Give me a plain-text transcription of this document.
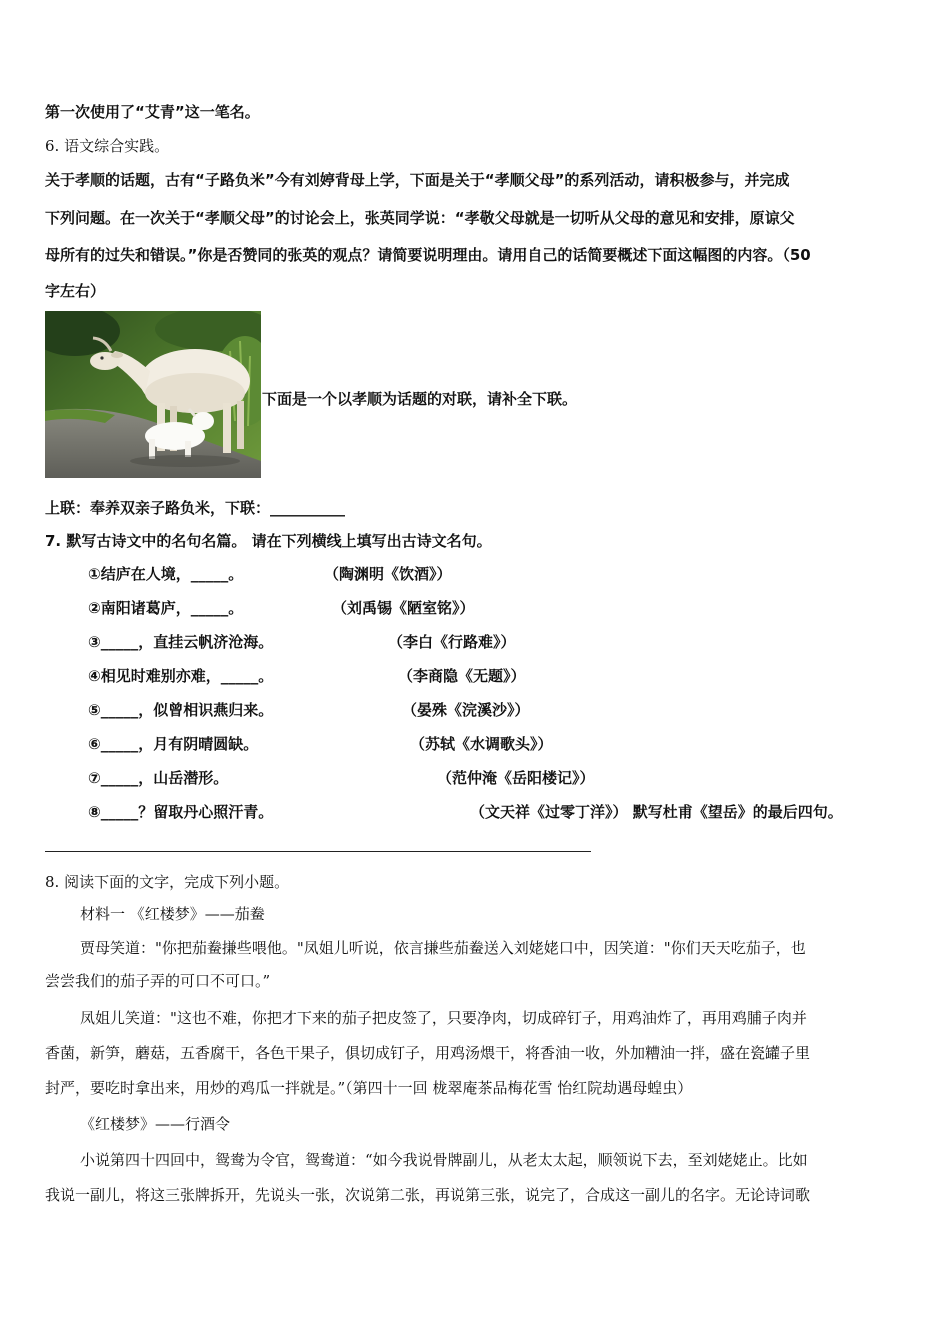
第一次使用了“艾青”这一笔名。
6. 语文综合实践。
关于孝顺的话题，古有“子路负米”今有刘婷背母上学，下面是关于“孝顺父母”的系列活动，请积极参与，并完成
下列问题。在一次关于“孝顺父母”的讨论会上，张英同学说：“孝敬父母就是一切听从父母的意见和安排，原谅父
母所有的过失和错误。”你是否赞同的张英的观点？请简要说明理由。请用自己的话简要概述下面这幅图的内容。（50
字左右）
下面是一个以孝顺为话题的对联，请补全下联。
上联：奉养双亲子路负米，下联：__________
7. 默写古诗文中的名句名篇。 请在下列横线上填写出古诗文名句。
①结庐在人境，_____。	（陶渊明《饮酒》）
②南阳诸葛庐，_____。	（刘禹锡《陋室铭》）
③_____，直挂云帆济沧海。	（李白《行路难》）
④相见时难别亦难，_____。	（李商隐《无题》）
⑤_____，似曾相识燕归来。	（晏殊《浣溪沙》）
⑥_____，月有阴晴圆缺。	（苏轼《水调歌头》）
⑦_____，山岳潜形。	（范仲淹《岳阳楼记》）
⑧_____？留取丹心照汗青。	（文天祥《过零丁洋》） 默写杜甫《望岳》的最后四句。
8. 阅读下面的文字，完成下列小题。
材料一 《红楼梦》——茄鲞
贾母笑道："你把茄鲞搛些喂他。"凤姐儿听说，依言搛些茄鲞送入刘姥姥口中，因笑道："你们天天吃茄子，也
尝尝我们的茄子弄的可口不可口。”
凤姐儿笑道："这也不难，你把才下来的茄子把皮签了，只要净肉，切成碎钉子，用鸡油炸了，再用鸡脯子肉并
香菌，新笋，蘑菇，五香腐干，各色干果子，俱切成钉子，用鸡汤煨干，将香油一收，外加糟油一拌，盛在瓷罐子里
封严，要吃时拿出来，用炒的鸡瓜一拌就是。”（第四十一回 栊翠庵茶品梅花雪 怡红院劫遇母蝗虫）
《红楼梦》——行酒令
小说第四十四回中，鸳鸯为令官，鸳鸯道：“如今我说骨牌副儿，从老太太起，顺领说下去，至刘姥姥止。比如
我说一副儿，将这三张牌拆开，先说头一张，次说第二张，再说第三张，说完了，合成这一副儿的名字。无论诗词歌
